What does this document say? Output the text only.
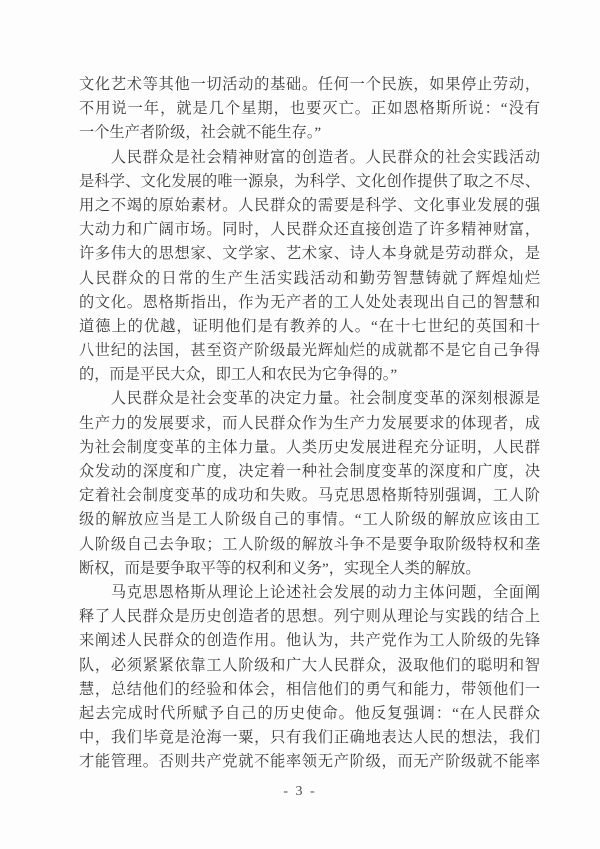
文化艺术等其他一切活动的基础。任何一个民族，如果停止劳动，
不用说一年，就是几个星期，也要灭亡。正如恩格斯所说：“没有
一个生产者阶级，社会就不能生存。”
　　人民群众是社会精神财富的创造者。人民群众的社会实践活动
是科学、文化发展的唯一源泉，为科学、文化创作提供了取之不尽、
用之不竭的原始素材。人民群众的需要是科学、文化事业发展的强
大动力和广阔市场。同时，人民群众还直接创造了许多精神财富，
许多伟大的思想家、文学家、艺术家、诗人本身就是劳动群众，是
人民群众的日常的生产生活实践活动和勤劳智慧铸就了辉煌灿烂
的文化。恩格斯指出，作为无产者的工人处处表现出自己的智慧和
道德上的优越，证明他们是有教养的人。“在十七世纪的英国和十
八世纪的法国，甚至资产阶级最光辉灿烂的成就都不是它自己争得
的，而是平民大众，即工人和农民为它争得的。”
　　人民群众是社会变革的决定力量。社会制度变革的深刻根源是
生产力的发展要求，而人民群众作为生产力发展要求的体现者，成
为社会制度变革的主体力量。人类历史发展进程充分证明，人民群
众发动的深度和广度，决定着一种社会制度变革的深度和广度，决
定着社会制度变革的成功和失败。马克思恩格斯特别强调，工人阶
级的解放应当是工人阶级自己的事情。“工人阶级的解放应该由工
人阶级自己去争取；工人阶级的解放斗争不是要争取阶级特权和垄
断权，而是要争取平等的权利和义务”，实现全人类的解放。
　　马克思恩格斯从理论上论述社会发展的动力主体问题，全面阐
释了人民群众是历史创造者的思想。列宁则从理论与实践的结合上
来阐述人民群众的创造作用。他认为，共产党作为工人阶级的先锋
队，必须紧紧依靠工人阶级和广大人民群众，汲取他们的聪明和智
慧，总结他们的经验和体会，相信他们的勇气和能力，带领他们一
起去完成时代所赋予自己的历史使命。他反复强调：“在人民群众
中，我们毕竟是沧海一粟，只有我们正确地表达人民的想法，我们
才能管理。否则共产党就不能率领无产阶级，而无产阶级就不能率
- 3 -
